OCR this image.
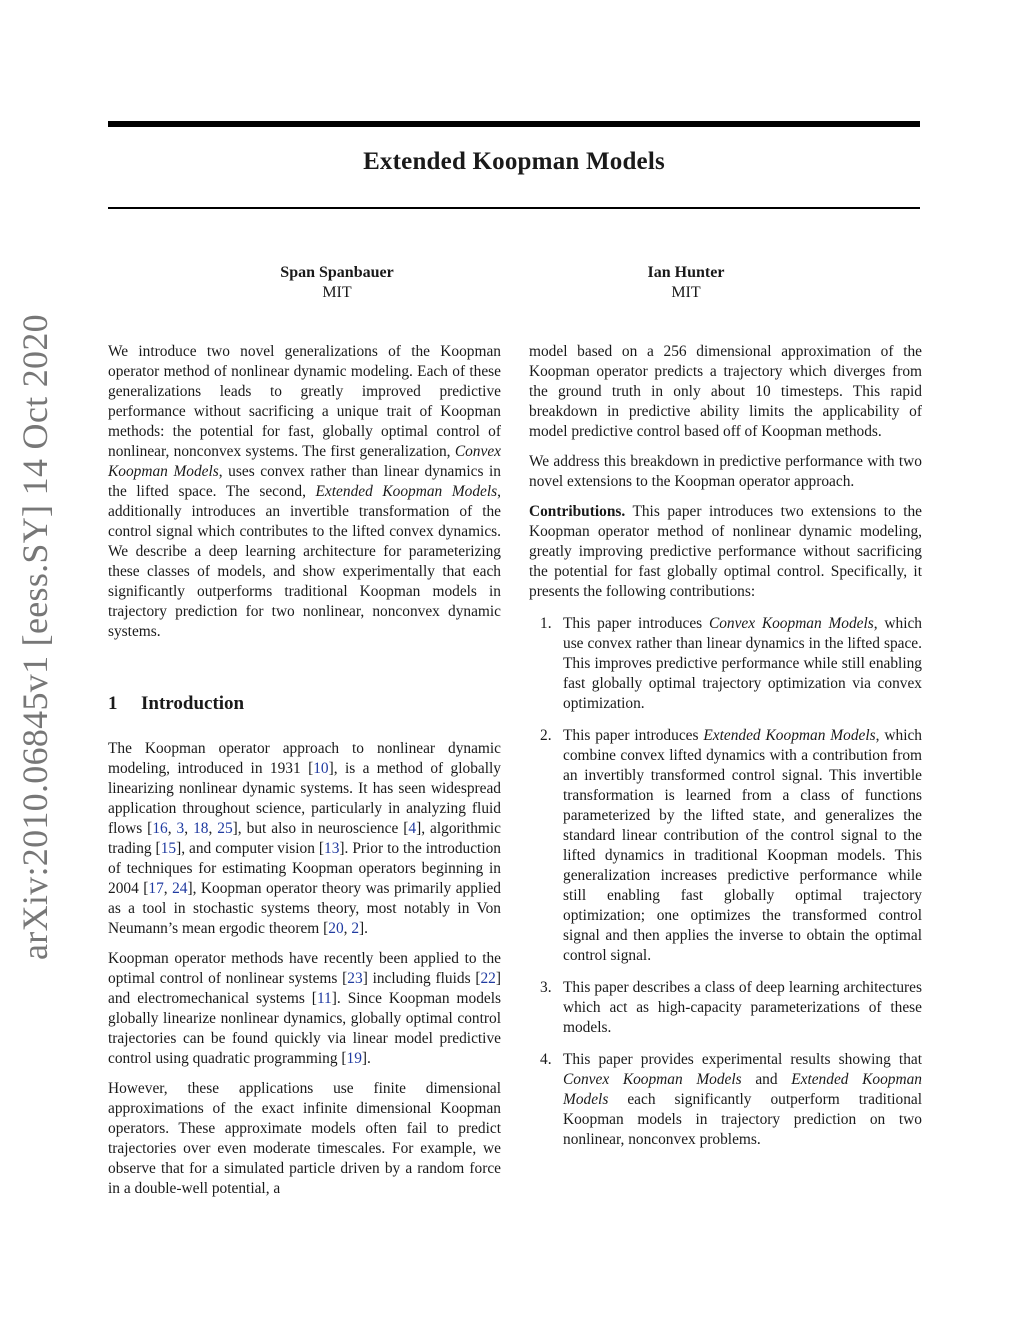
Extended Koopman Models
Span Spanbauer
MIT
Ian Hunter
MIT
arXiv:2010.06845v1 [eess.SY] 14 Oct 2020	We introduce two novel generalizations of the Koopman operator method of nonlinear dynamic modeling. Each of these generalizations leads to greatly improved predictive performance without sacrificing a unique trait of Koopman methods: the potential for fast, globally optimal control of nonlinear, nonconvex systems. The first generalization, Convex Koopman Models, uses convex rather than linear dynamics in the lifted space. The second, Extended Koopman Models, additionally introduces an invertible transformation of the control signal which contributes to the lifted convex dynamics. We describe a deep learning architecture for parameterizing these classes of models, and show experimentally that each significantly outperforms traditional Koopman models in trajectory prediction for two nonlinear, nonconvex dynamic systems.

1 Introduction

The Koopman operator approach to nonlinear dynamic modeling, introduced in 1931 [10], is a method of globally linearizing nonlinear dynamic systems. It has seen widespread application throughout science, particularly in analyzing fluid flows [16, 3, 18, 25], but also in neuroscience [4], algorithmic trading [15], and computer vision [13]. Prior to the introduction of techniques for estimating Koopman operators beginning in 2004 [17, 24], Koopman operator theory was primarily applied as a tool in stochastic systems theory, most notably in Von Neumann’s mean ergodic theorem [20, 2].

Koopman operator methods have recently been applied to the optimal control of nonlinear systems [23] including fluids [22] and electromechanical systems [11]. Since Koopman models globally linearize nonlinear dynamics, globally optimal control trajectories can be found quickly via linear model predictive control using quadratic programming [19].

However, these applications use finite dimensional approximations of the exact infinite dimensional Koopman operators. These approximate models often fail to predict trajectories over even moderate timescales. For example, we observe that for a simulated particle driven by a random force in a double-well potential, a

model based on a 256 dimensional approximation of the Koopman operator predicts a trajectory which diverges from the ground truth in only about 10 timesteps. This rapid breakdown in predictive ability limits the applicability of model predictive control based off of Koopman methods.

We address this breakdown in predictive performance with two novel extensions to the Koopman operator approach.

Contributions. This paper introduces two extensions to the Koopman operator method of nonlinear dynamic modeling, greatly improving predictive performance without sacrificing the potential for fast globally optimal control. Specifically, it presents the following contributions:

1. This paper introduces Convex Koopman Models, which use convex rather than linear dynamics in the lifted space. This improves predictive performance while still enabling fast globally optimal trajectory optimization via convex optimization.
2. This paper introduces Extended Koopman Models, which combine convex lifted dynamics with a contribution from an invertibly transformed control signal. This invertible transformation is learned from a class of functions parameterized by the lifted state, and generalizes the standard linear contribution of the control signal to the lifted dynamics in traditional Koopman models. This generalization increases predictive performance while still enabling fast globally optimal trajectory optimization; one optimizes the transformed control signal and then applies the inverse to obtain the optimal control signal.
3. This paper describes a class of deep learning architectures which act as high-capacity parameterizations of these models.
4. This paper provides experimental results showing that Convex Koopman Models and Extended Koopman Models each significantly outperform traditional Koopman models in trajectory prediction on two nonlinear, nonconvex problems.
